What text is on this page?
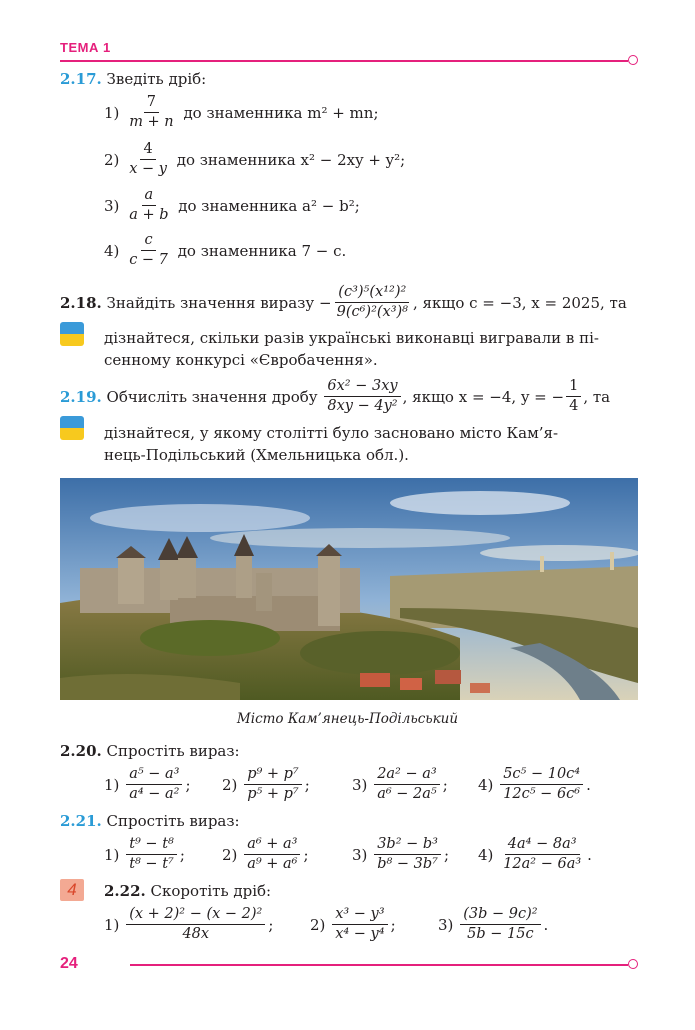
ТЕМА 1
2.17. Зведіть дріб:
1)
$\frac{7}{m + n}$
до знаменника m² + mn;
2)
$\frac{4}{x - y}$
до знаменника x² − 2xy + y²;
3)
$\frac{a}{a + b}$
до знаменника a² − b²;
4)
$\frac{c}{c - 7}$
до знаменника 7 − c.
2.18.
Знайдіть значення виразу
− $\frac{\text{(c³)⁵(x¹²)²}}{\text{9(c⁶)²(x³)⁸}}$ , якщо c = −3, x = 2025, та
дізнайтеся, скільки разів українські виконавці вигравали в пі-
сенному конкурсі «Євробачення».
2.19.
Обчисліть значення дробу
$\frac{\text{6x² − 3xy}}{\text{8xy − 4y²}}$ , якщо x = −4, y = − $\frac{1}{4}$ , та
дізнайтеся, у якому столітті було засновано місто Кам’я-
нець-Подільський (Хмельницька обл.).
Місто Кам’янець-Подільський
2.20. Спростіть вираз:
1)
$\frac{\text{a⁵ − a³}}{\text{a⁴ − a²}}$ ; 2)
$\frac{\text{p⁹ + p⁷}}{\text{p⁵ + p⁷}}$ ;	3)
$\frac{\text{2a² − a³}}{\text{a⁶ − 2a⁵}}$ ; 4)
$\frac{\text{5c⁵ − 10c⁴}}{\text{12c⁵ − 6c⁶}}$ .
2.21. Спростіть вираз:
1)
$\frac{\text{t⁹ − t⁸}}{\text{t⁸ − t⁷}}$ ; 2)
$\frac{\text{a⁶ + a³}}{\text{a⁹ + a⁶}}$ ;	3)
$\frac{\text{3b² − b³}}{\text{b⁸ − 3b⁷}}$ ; 4)
$\frac{\text{4a⁴ − 8a³}}{\text{12a² − 6a³}}$ .
4	2.22. Скоротіть дріб:
1)
$\frac{\text{(x + 2)² − (x − 2)²}}{48x}$ ; 2)
$\frac{\text{x³ − y³}}{\text{x⁴ − y⁴}}$ ;	3)
$\frac{\text{(3b − 9c)²}}{5b - 15c}$ .
24
